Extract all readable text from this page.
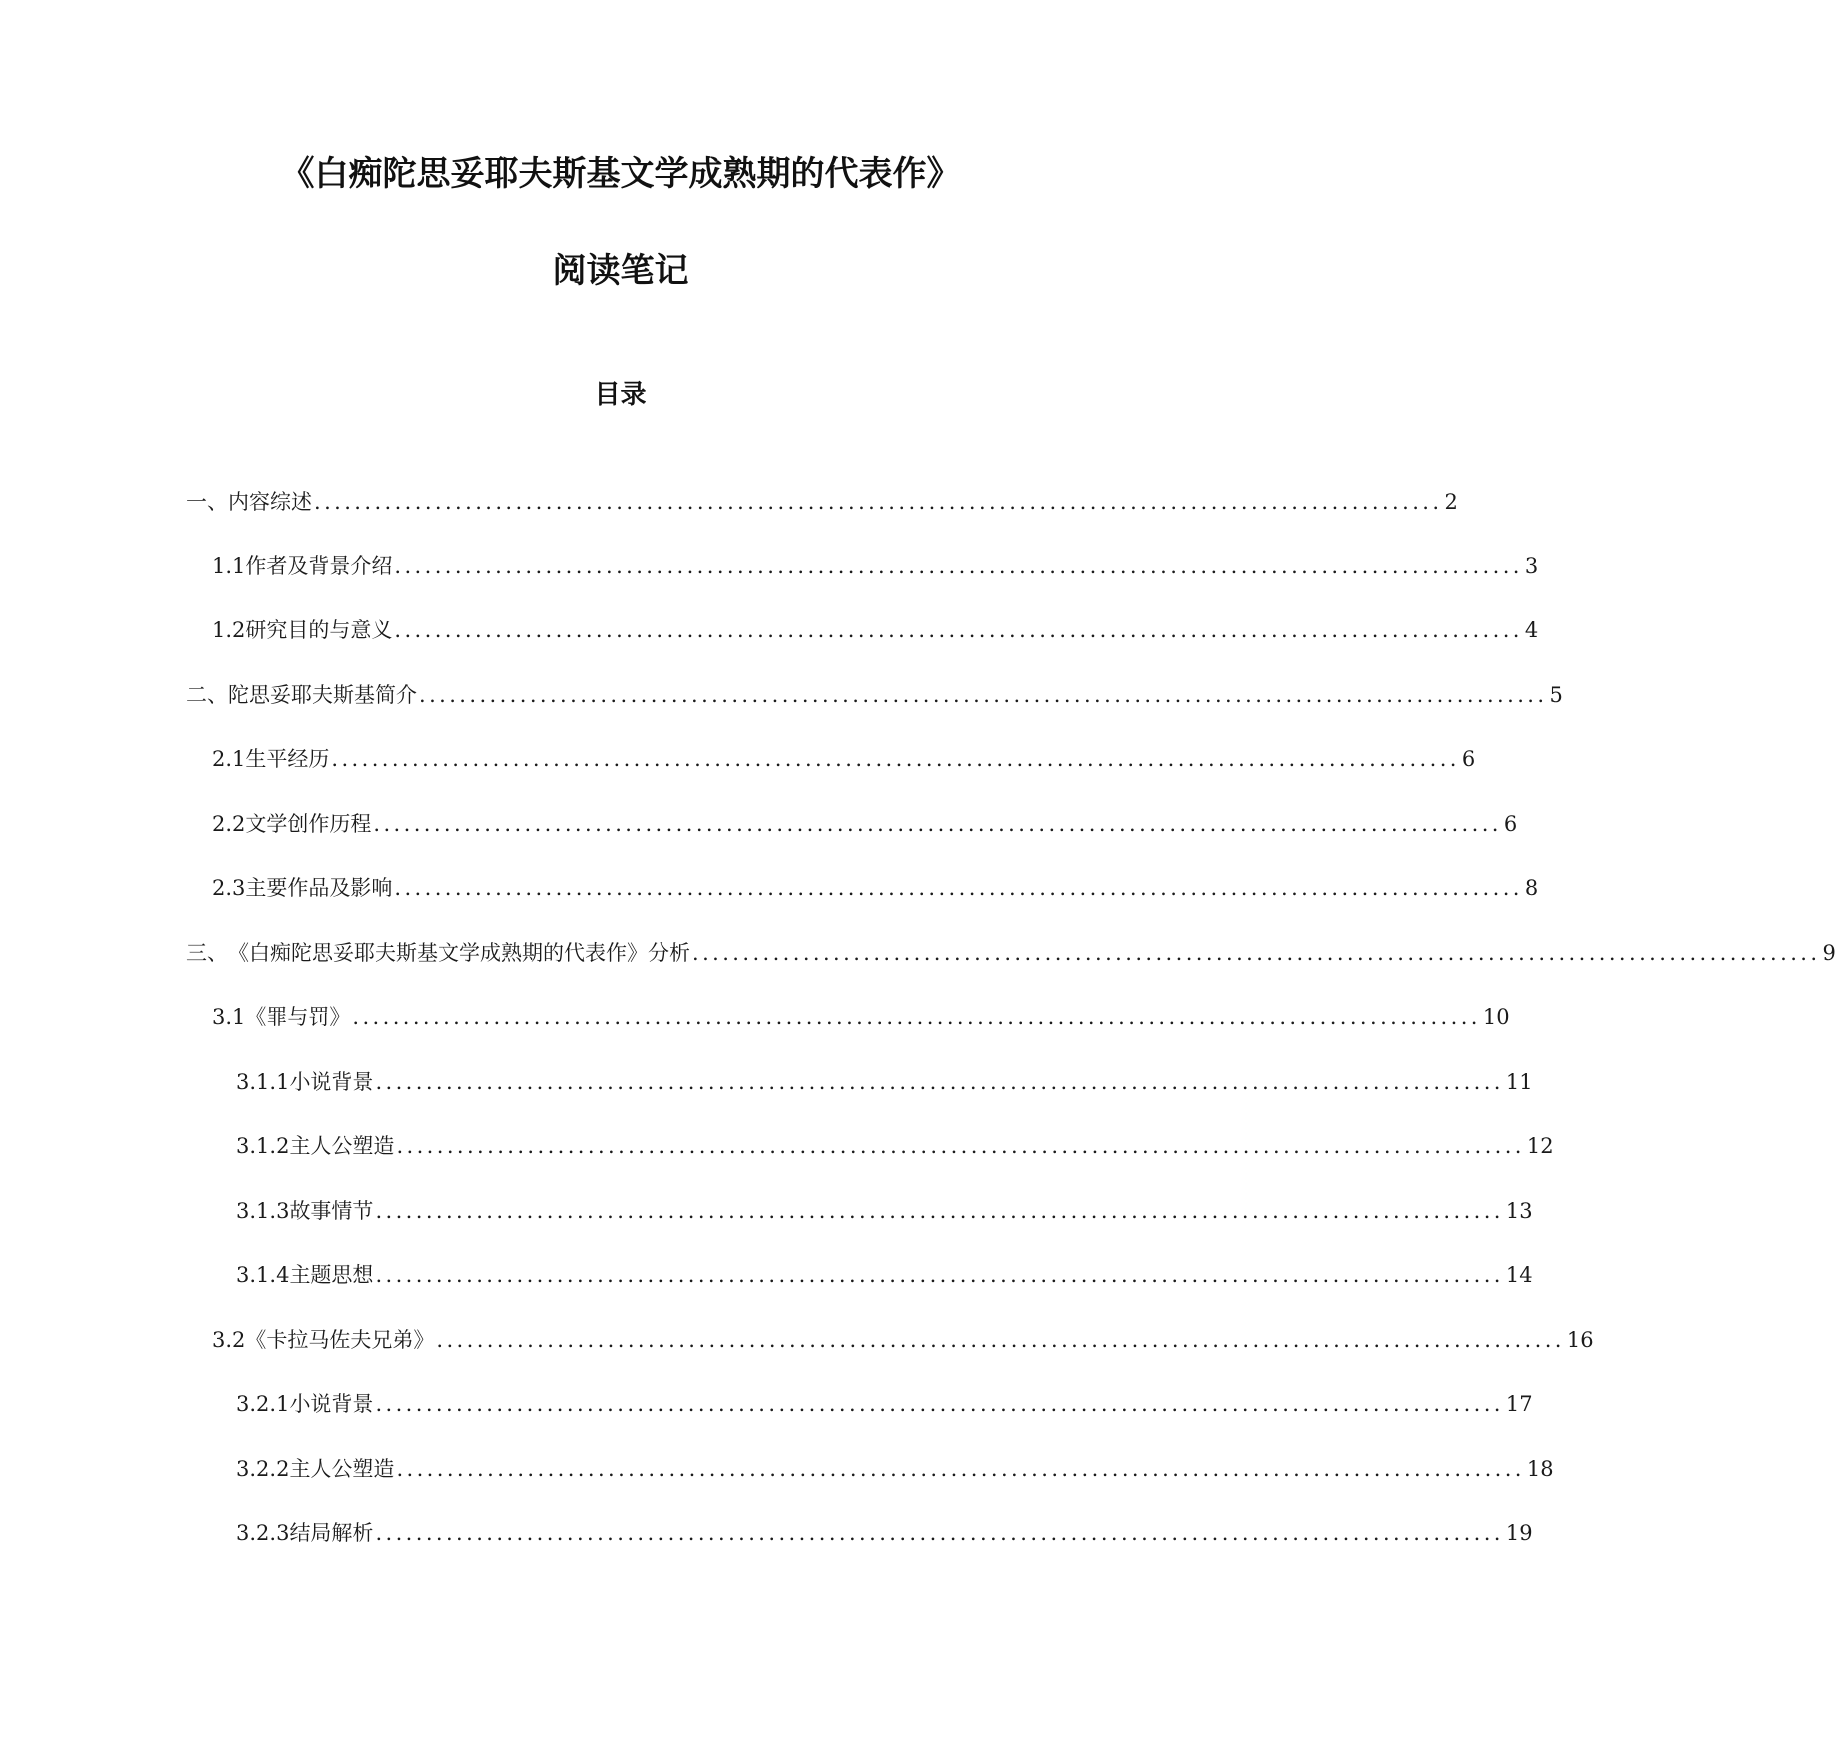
《白痴陀思妥耶夫斯基文学成熟期的代表作》
阅读笔记
目录
一、 内容综述 ................................................................................................................ 2
1.1 作者及背景介绍 ................................................................................................................ 3
1.2 研究目的与意义 ................................................................................................................ 4
二、 陀思妥耶夫斯基简介 ................................................................................................................ 5
2.1 生平经历 ................................................................................................................ 6
2.2 文学创作历程 ................................................................................................................ 6
2.3 主要作品及影响 ................................................................................................................ 8
三、 《白痴陀思妥耶夫斯基文学成熟期的代表作》分析 ................................................................................................................ 9
3.1 《罪与罚》 ................................................................................................................ 10
3.1.1 小说背景 ................................................................................................................ 11
3.1.2 主人公塑造 ................................................................................................................ 12
3.1.3 故事情节 ................................................................................................................ 13
3.1.4 主题思想 ................................................................................................................ 14
3.2 《卡拉马佐夫兄弟》 ................................................................................................................ 16
3.2.1 小说背景 ................................................................................................................ 17
3.2.2 主人公塑造 ................................................................................................................ 18
3.2.3 结局解析 ................................................................................................................ 19
